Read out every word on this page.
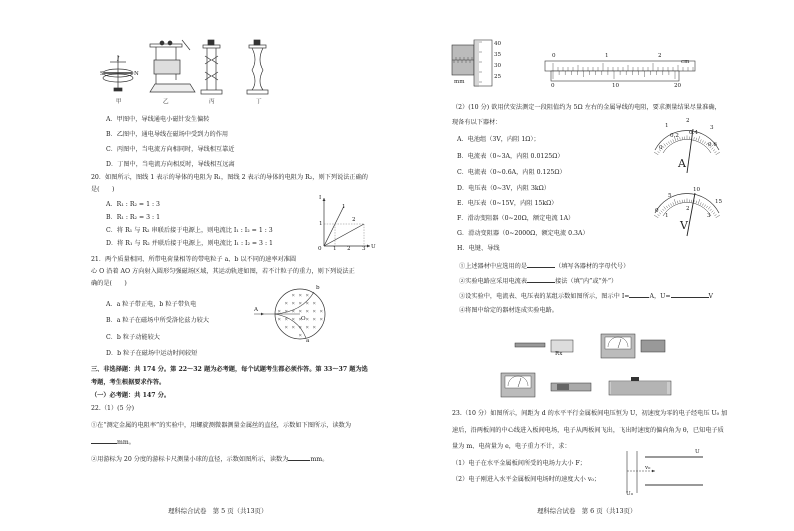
I
S	N
甲	乙	丙	丁
A．甲图中，导线通电小磁针发生偏转
B．乙图中，通电导线在磁场中受到力的作用
C．丙图中，当电流方向相同时，导线相互靠近
D．丁图中，当电流方向相反时，导线相互远离
20．如图所示，图线 1 表示的导体的电阻为 R₁，图线 2 表示的导体的电阻为 R₂，则下列说法正确的
是(　　)
A．R₁ : R₂ = 1 : 3
B．R₁ : R₂ = 3 : 1
C．将 R₁ 与 R₂ 串联后接于电源上，则电流比 I₁ : I₂ = 1 : 3
D．将 R₁ 与 R₂ 并联后接于电源上，则电流比 I₁ : I₂ = 3 : 1
I
U
0
1
2
1 2 3
1
21．两个质量相同、所带电荷量相等的带电粒子 a、b 以不同的速率对准圆
心 O 沿着 AO 方向射入圆形匀强磁场区域，其运动轨迹如图，若不计粒子的重力，则下列说法正
确的是(　　)
A．a 粒子带正电，b 粒子带负电
B．a 粒子在磁场中所受洛伦兹力较大
C．b 粒子动能较大
D．b 粒子在磁场中运动时间较短
× × ×
× × × × ×
× × × × × × ×
× × × × × × ×
× × × × ×
×
A
O
a
b
三、非选择题：共 174 分。第 22～32 题为必考题，每个试题考生都必须作答。第 33～37 题为选
考题，考生根据要求作答。
（一）必考题：共 147 分。
22.（1）(5 分)
①在“测定金属的电阻率”的实验中，用螺旋测微器测量金属丝的直径，示数如下图所示，读数为
mm。
②用游标为 20 分度的游标卡尺测量小球的直径，示数如图所示，读数为	mm。
理科综合试卷　第 5 页（共13页）
40
35
30
25
mm
0	1	2
cm
0	10	20
（2）(10 分) 欲用伏安法测定一段阻值约为 5Ω 左右的金属导线的电阻，要求测量结果尽量准确，
现备有以下器材：
A．电池组（3V，内阻 1Ω）；
B．电流表（0~3A，内阻 0.0125Ω）
C．电流表（0~0.6A，内阻 0.125Ω）
D．电压表（0~3V，内阻 3kΩ）
E．电压表（0~15V，内阻 15kΩ）
F．滑动变阻器（0~20Ω，额定电流 1A）
G．滑动变阻器（0~2000Ω，额定电流 0.3A）
H．电键、导线
①上述器材中应选用的是	（填写各器材的字母代号）
②实验电路应采用电流表	接法（填“内”或“外”）
③设实验中，电流表、电压表的某组示数如图所示，图示中 I=	A，U=	V
④将图中给定的器材连成实验电路。
0
0.2 0.4
0.6
1
2
3
A
0
5
10
15
1
2
3
V
Rx
23.（10 分）如图所示，间距为 d 的水平平行金属板间电压恒为 U，初速度为零的电子经电压 U₀ 加
速后，沿两板间的中心线进入板间电场，电子从两板间飞出，飞出时速度的偏向角为 θ，已知电子质
量为 m、电荷量为 e，电子重力不计，求：
（1）电子在水平金属板间所受的电场力大小 F；
（2）电子刚进入水平金属板间电场时的速度大小 v₀；
U
U₀
v₀
理科综合试卷　第 6 页（共13页）
